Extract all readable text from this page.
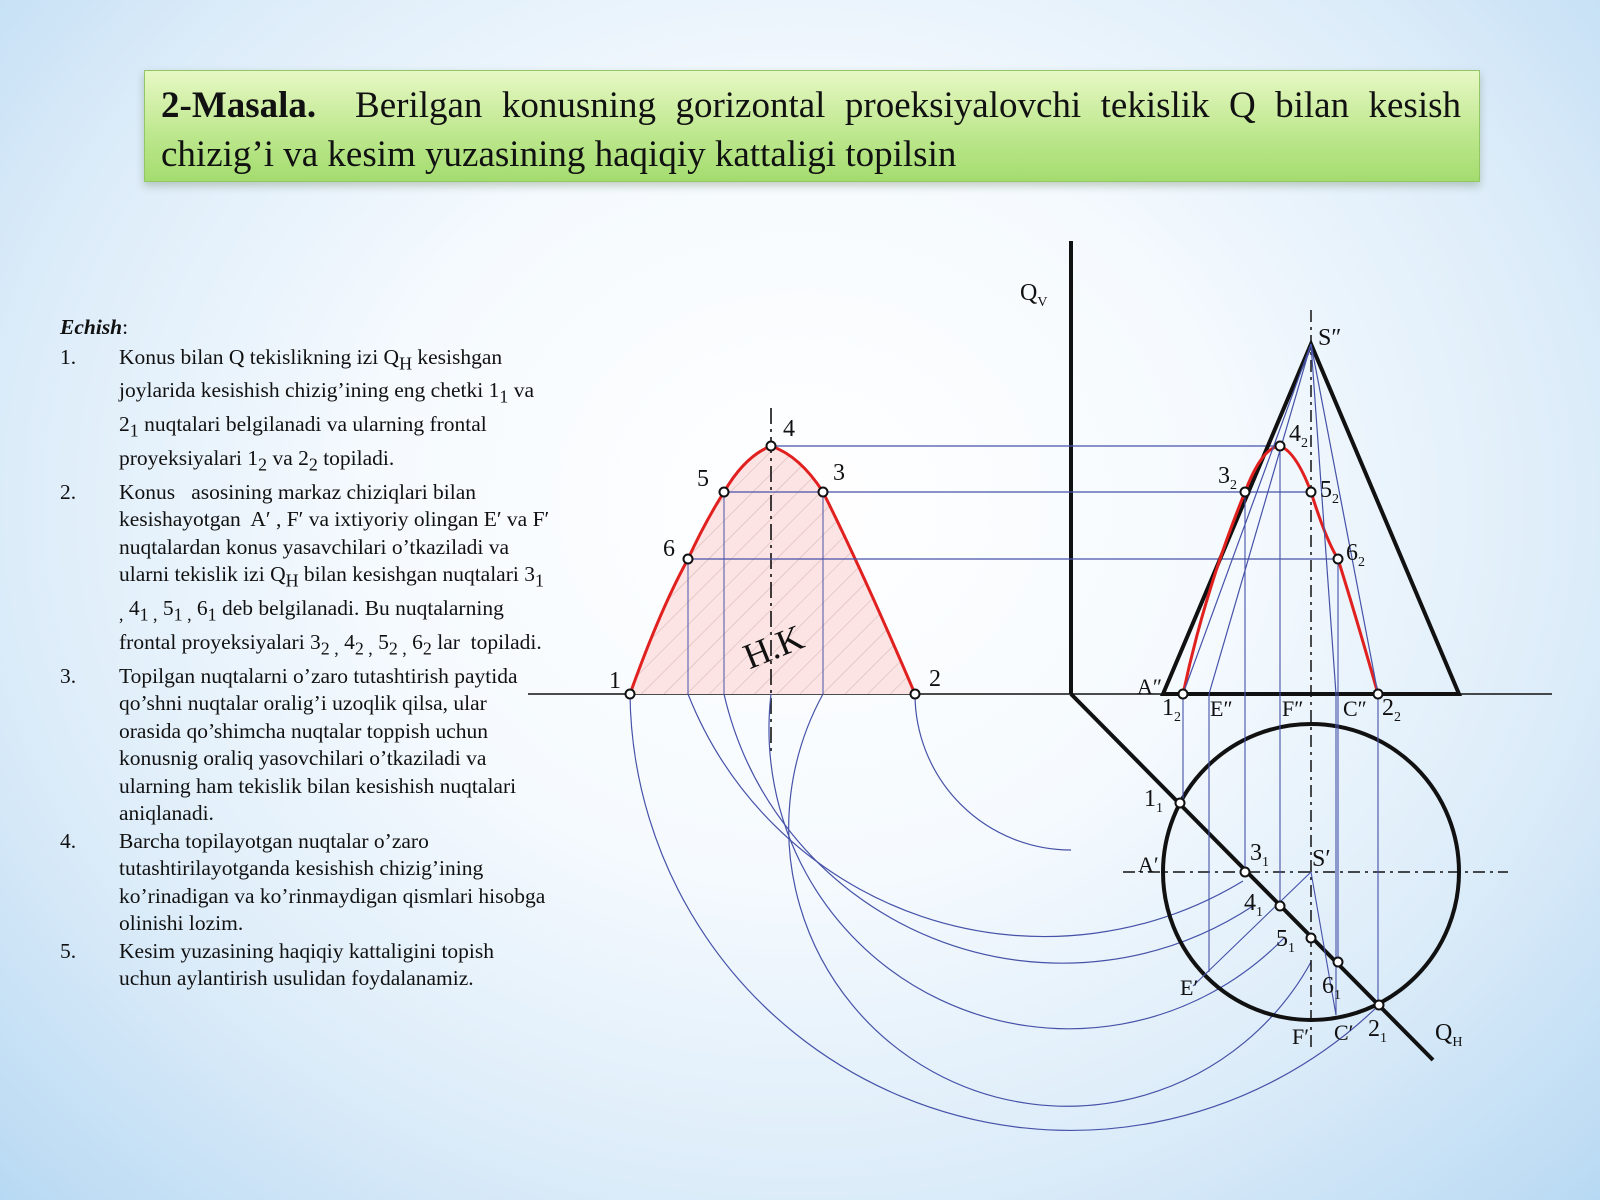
2-Masala. Berilgan konusning gorizontal proeksiyalovchi tekislik Q bilan kesish chizig’i va kesim yuzasining haqiqiy kattaligi topilsin
Echish:
1. Konus bilan Q tekislikning izi $Q_H$ kesishgan joylarida kesishish chizig’ining eng chetki $1_1$ va $2_1$ nuqtalari belgilanadi va ularning frontal proyeksiyalari $1_2$ va $2_2$ topiladi.
2. Konus   asosining markaz chiziqlari bilan kesishayotgan  A′ , F′ va ixtiyoriy olingan E′ va F′ nuqtalardan konus yasavchilari o’tkaziladi va ularni tekislik izi $Q_H$ bilan kesishgan nuqtalari $3_{1 ,}$ $4_{1 ,}$ $5_{1 ,}$ $6_1$ deb belgilanadi. Bu nuqtalarning frontal proyeksiyalari $3_{2 ,}$ $4_{2 ,}$ $5_{2 ,}$ $6_2$ lar  topiladi.
3. Topilgan nuqtalarni o’zaro tutashtirish paytida qo’shni nuqtalar oralig’i uzoqlik qilsa, ular orasida qo’shimcha nuqtalar toppish uchun konusnig oraliq yasovchilari o’tkaziladi va ularning ham tekislik bilan kesishish nuqtalari aniqlanadi.
4. Barcha topilayotgan nuqtalar o’zaro tutashtirilayotganda kesishish chizig’ining ko’rinadigan va ko’rinmaydigan qismlari hisobga olinishi lozim.
5. Kesim yuzasining haqiqiy kattaligini topish uchun aylantirish usulidan foydalanamiz.
$Q_V$
$Q_H$
S″
S′
A″
A′
E″
E′
F″
F′
C″
C′
H.K
1	2
3
4
5
6
$1_2$	$2_2$
$3_2$
$4_2$
$5_2$
$6_2$
$1_1$
$2_1$
$3_1$
$4_1$
$5_1$
$6_1$
